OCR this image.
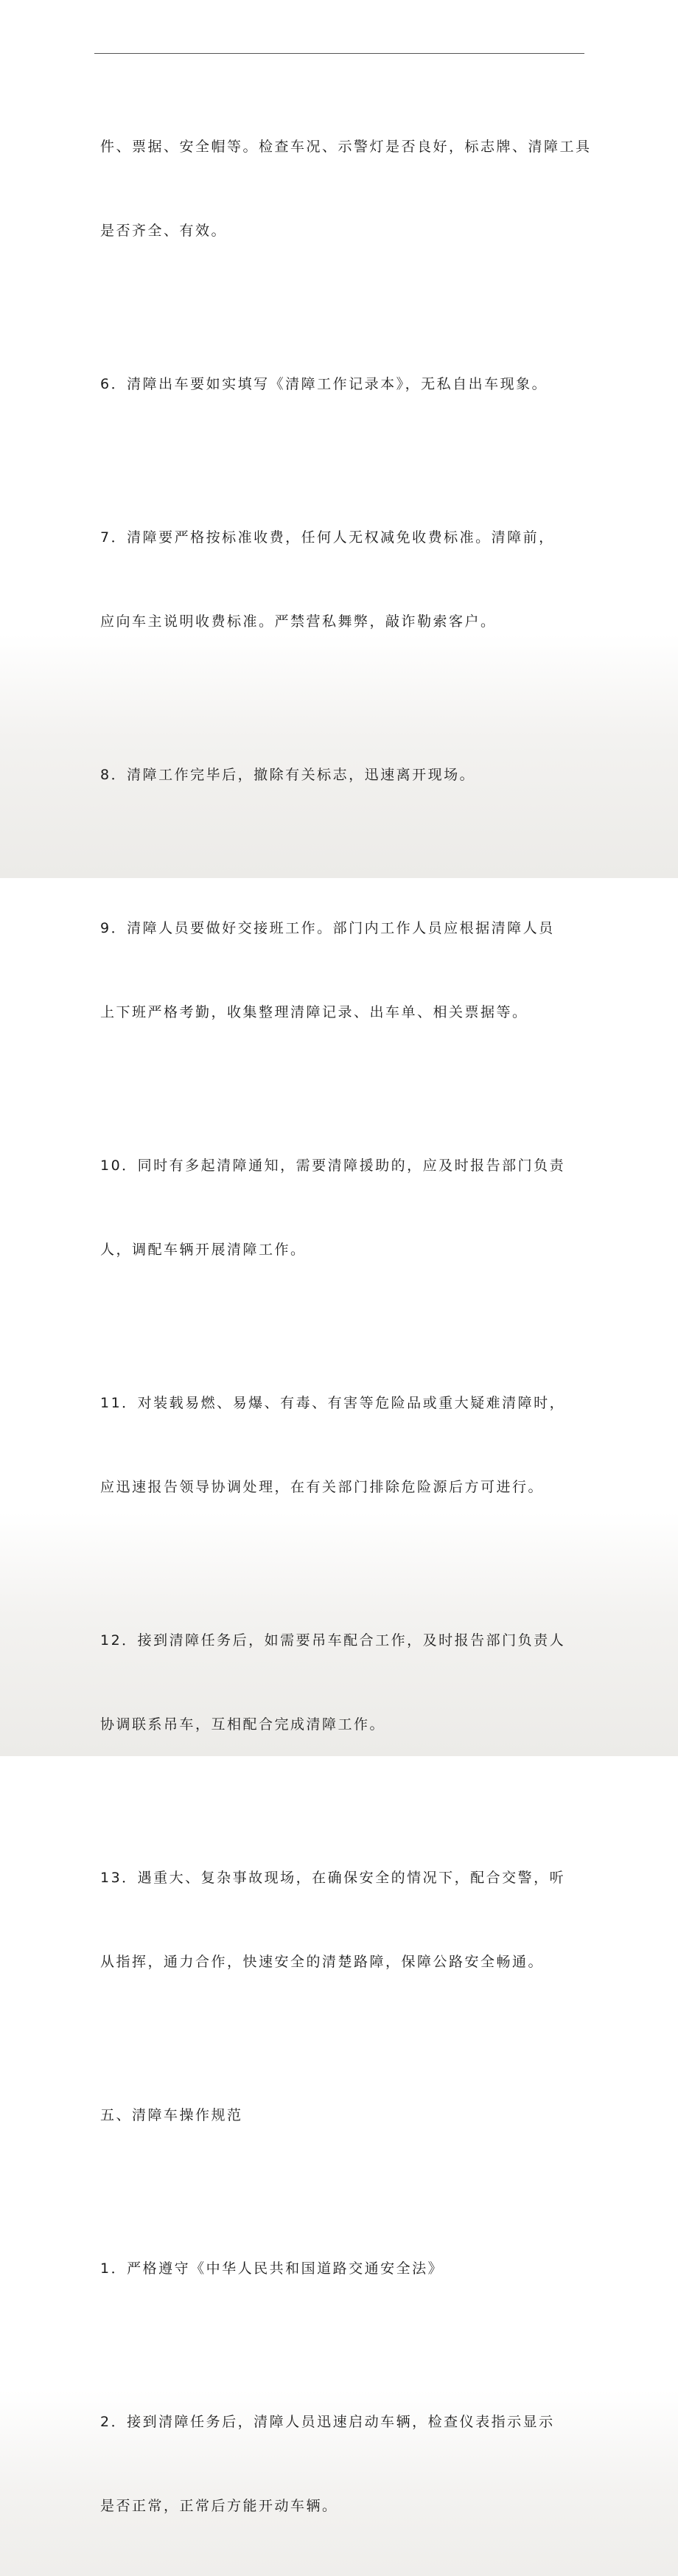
件、票据、安全帽等。检查车况、示警灯是否良好，标志牌、清障工具

是否齐全、有效。

6．清障出车要如实填写《清障工作记录本》，无私自出车现象。

7．清障要严格按标准收费，任何人无权减免收费标准。清障前，

应向车主说明收费标准。严禁营私舞弊，敲诈勒索客户。

8．清障工作完毕后，撤除有关标志，迅速离开现场。

9．清障人员要做好交接班工作。部门内工作人员应根据清障人员

上下班严格考勤，收集整理清障记录、出车单、相关票据等。

10．同时有多起清障通知，需要清障援助的，应及时报告部门负责

人，调配车辆开展清障工作。

11．对装载易燃、易爆、有毒、有害等危险品或重大疑难清障时，

应迅速报告领导协调处理，在有关部门排除危险源后方可进行。

12．接到清障任务后，如需要吊车配合工作，及时报告部门负责人

协调联系吊车，互相配合完成清障工作。

13．遇重大、复杂事故现场，在确保安全的情况下，配合交警，听

从指挥，通力合作，快速安全的清楚路障，保障公路安全畅通。

五、清障车操作规范

1．严格遵守《中华人民共和国道路交通安全法》

2．接到清障任务后，清障人员迅速启动车辆，检查仪表指示显示

是否正常，正常后方能开动车辆。
